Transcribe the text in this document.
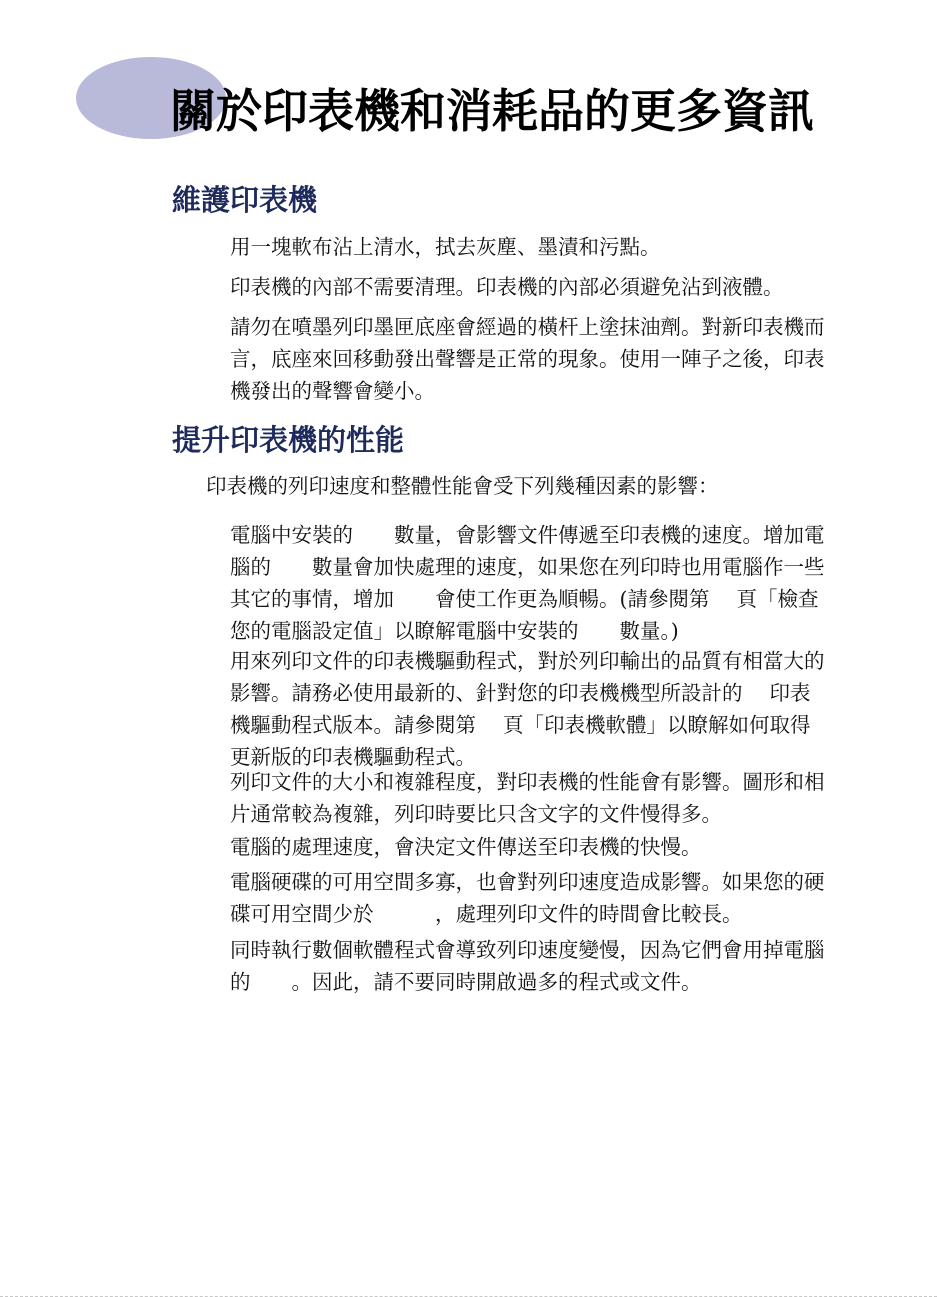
關於印表機和消耗品的更多資訊
維護印表機

用一塊軟布沾上清水，拭去灰塵、墨漬和污點。

印表機的內部不需要清理。印表機的內部必須避免沾到液體。

請勿在噴墨列印墨匣底座會經過的橫杆上塗抹油劑。對新印表機而
言，底座來回移動發出聲響是正常的現象。使用一陣子之後，印表
機發出的聲響會變小。

提升印表機的性能

印表機的列印速度和整體性能會受下列幾種因素的影響：

電腦中安裝的　　數量，會影響文件傳遞至印表機的速度。增加電
腦的　　數量會加快處理的速度，如果您在列印時也用電腦作一些
其它的事情，增加　　會使工作更為順暢。(請參閱第　 頁「檢查
您的電腦設定值」以瞭解電腦中安裝的　　數量。)

用來列印文件的印表機驅動程式，對於列印輸出的品質有相當大的
影響。請務必使用最新的、針對您的印表機機型所設計的　 印表
機驅動程式版本。請參閱第　 頁「印表機軟體」以瞭解如何取得
更新版的印表機驅動程式。

列印文件的大小和複雜程度，對印表機的性能會有影響。圖形和相
片通常較為複雜，列印時要比只含文字的文件慢得多。

電腦的處理速度，會決定文件傳送至印表機的快慢。

電腦硬碟的可用空間多寡，也會對列印速度造成影響。如果您的硬
碟可用空間少於　　　，處理列印文件的時間會比較長。

同時執行數個軟體程式會導致列印速度變慢，因為它們會用掉電腦
的　　。因此，請不要同時開啟過多的程式或文件。
